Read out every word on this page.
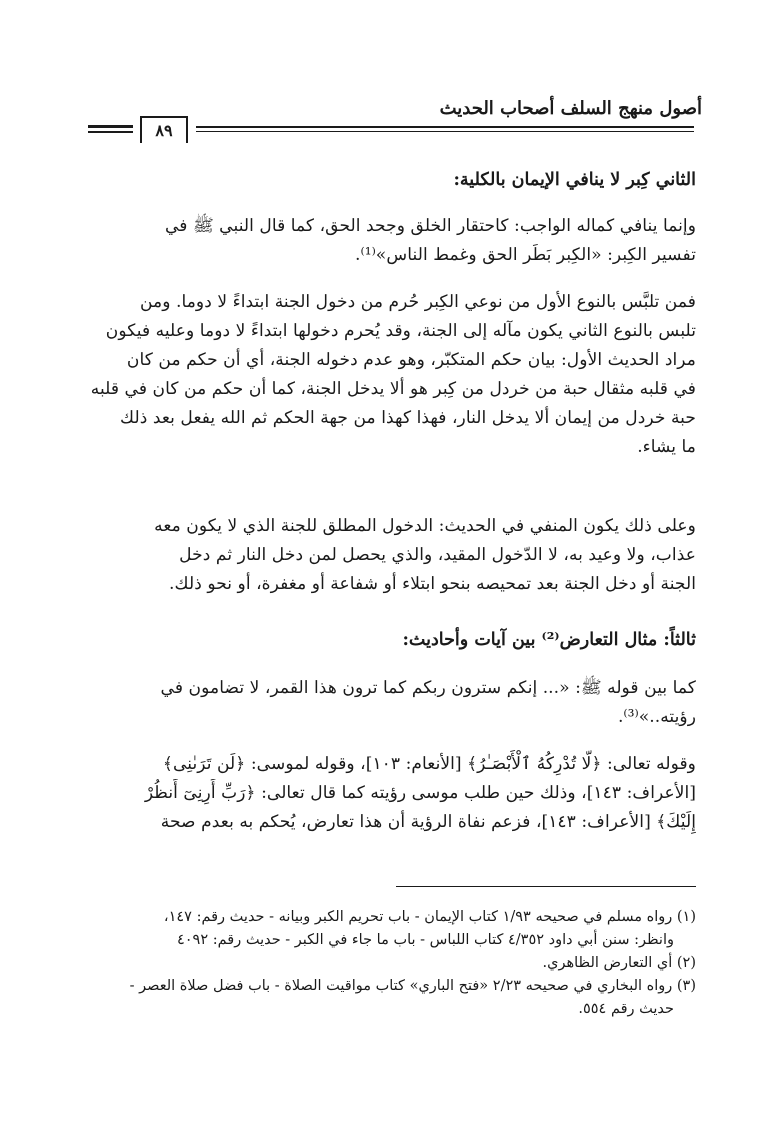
أصول منهج السلف أصحاب الحديث
٨٩
الثاني كِبر لا ينافي الإيمان بالكلية:
وإنما ينافي كماله الواجب: كاحتقار الخلق وجحد الحق، كما قال النبي ﷺ في
تفسير الكِبر: «الكِبر بَطَر الحق وغمط الناس»⁽¹⁾.
فمن تلبَّس بالنوع الأول من نوعي الكِبر حُرم من دخول الجنة ابتداءً لا دوما. ومن
تلبس بالنوع الثاني يكون مآله إلى الجنة، وقد يُحرم دخولها ابتداءً لا دوما وعليه فيكون
مراد الحديث الأول: بيان حكم المتكبّر، وهو عدم دخوله الجنة، أي أن حكم من كان
في قلبه مثقال حبة من خردل من كِبر هو ألا يدخل الجنة، كما أن حكم من كان في قلبه
حبة خردل من إيمان ألا يدخل النار، فهذا كهذا من جهة الحكم ثم الله يفعل بعد ذلك
ما يشاء.
وعلى ذلك يكون المنفي في الحديث: الدخول المطلق للجنة الذي لا يكون معه
عذاب، ولا وعيد به، لا الدّخول المقيد، والذي يحصل لمن دخل النار ثم دخل
الجنة أو دخل الجنة بعد تمحيصه بنحو ابتلاء أو شفاعة أو مغفرة، أو نحو ذلك.
ثالثاً: مثال التعارض⁽²⁾ بين آيات وأحاديث:
كما بين قوله ﷺ: «... إنكم سترون ربكم كما ترون هذا القمر، لا تضامون في
رؤيته..»⁽³⁾.
وقوله تعالى: ﴿لَّا تُدْرِكُهُ ٱلْأَبْصَـٰرُ﴾ [الأنعام: ١٠٣]، وقوله لموسى: ﴿لَن تَرَىٰنِى﴾
[الأعراف: ١٤٣]، وذلك حين طلب موسى رؤيته كما قال تعالى: ﴿رَبِّ أَرِنِىٓ أَنظُرْ
إِلَيْكَ﴾ [الأعراف: ١٤٣]، فزعم نفاة الرؤية أن هذا تعارض، يُحكم به بعدم صحة
(١) رواه مسلم في صحيحه ١/٩٣ كتاب الإيمان - باب تحريم الكبر وبيانه - حديث رقم: ١٤٧،
وانظر: سنن أبي داود ٤/٣٥٢ كتاب اللباس - باب ما جاء في الكبر - حديث رقم: ٤٠٩٢
(٢) أي التعارض الظاهري.
(٣) رواه البخاري في صحيحه ٢/٢٣ «فتح الباري» كتاب مواقيت الصلاة - باب فضل صلاة العصر -
حديث رقم ٥٥٤.
